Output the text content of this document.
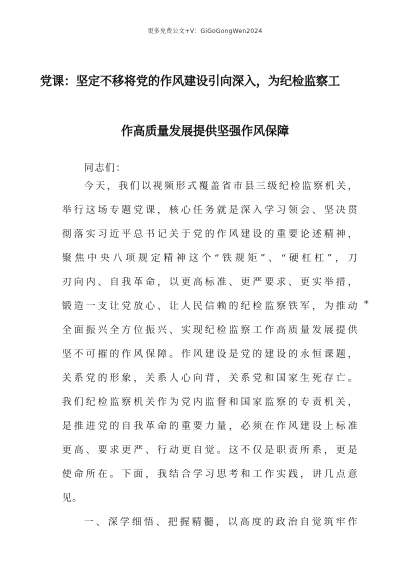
更多免费公文+V：GiGoGongWen2024
党课：坚定不移将党的作风建设引向深入，为纪检监察工
作高质量发展提供坚强作风保障
同志们：
今天，我们以视频形式覆盖省市县三级纪检监察机关，
举行这场专题党课，核心任务就是深入学习领会、坚决贯
彻落实习近平总书记关于党的作风建设的重要论述精神，
聚焦中央八项规定精神这个“铁规矩”、“硬杠杠”，刀
刃向内、自我革命，以更高标准、更严要求、更实举措，
锻造一支让党放心、让人民信赖的纪检监察铁军，为推动
全面振兴全方位振兴、实现纪检监察工作高质量发展提供
坚不可摧的作风保障。作风建设是党的建设的永恒课题，
关系党的形象，关系人心向背，关系党和国家生死存亡。
我们纪检监察机关作为党内监督和国家监察的专责机关，
是推进党的自我革命的重要力量，必须在作风建设上标准
更高、要求更严、行动更自觉。这不仅是职责所系，更是
使命所在。下面，我结合学习思考和工作实践，讲几点意
见。
一、深学细悟、把握精髓，以高度的政治自觉筑牢作
*
